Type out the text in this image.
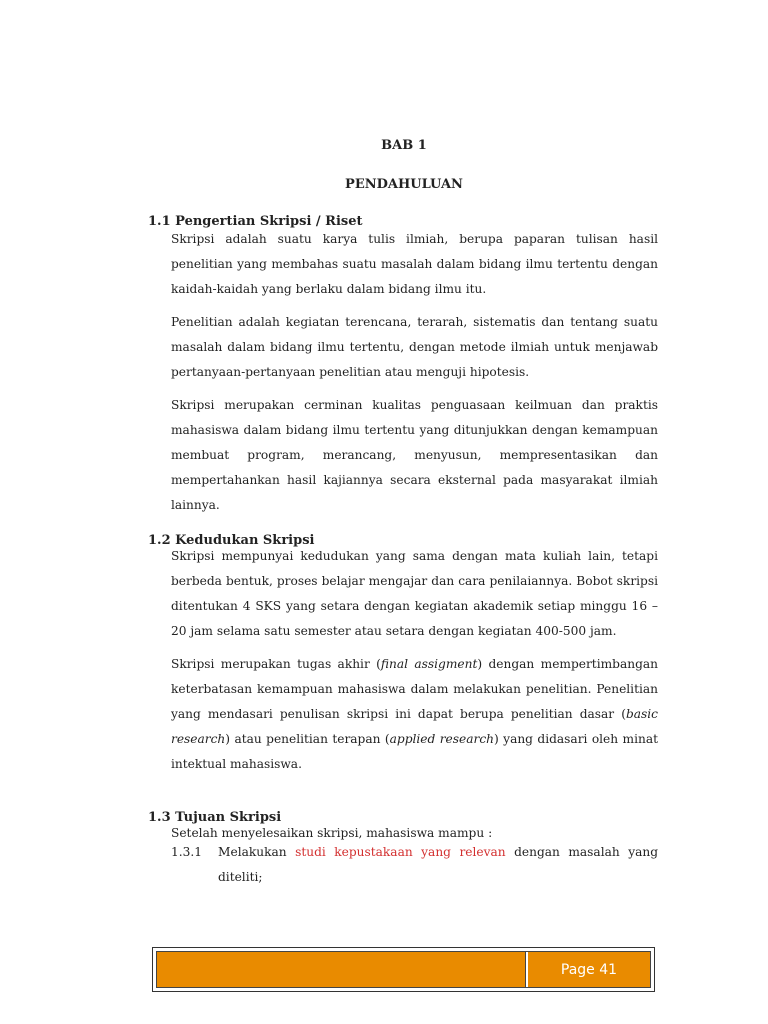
BAB 1
PENDAHULUAN
1.1 Pengertian Skripsi / Riset

Skripsi adalah suatu karya tulis ilmiah, berupa paparan tulisan hasil penelitian yang membahas suatu masalah dalam bidang ilmu tertentu dengan kaidah-kaidah yang berlaku dalam bidang ilmu itu.

Penelitian adalah kegiatan terencana, terarah, sistematis dan tentang suatu masalah dalam bidang ilmu tertentu, dengan metode ilmiah untuk menjawab pertanyaan-pertanyaan penelitian atau menguji hipotesis.

Skripsi merupakan cerminan kualitas penguasaan keilmuan dan praktis mahasiswa dalam bidang ilmu tertentu yang ditunjukkan dengan kemampuan membuat program, merancang, menyusun, mempresentasikan dan mempertahankan hasil kajiannya secara eksternal pada masyarakat ilmiah lainnya.

1.2 Kedudukan Skripsi

Skripsi mempunyai kedudukan yang sama dengan mata kuliah lain, tetapi berbeda bentuk, proses belajar mengajar dan cara penilaiannya. Bobot skripsi ditentukan 4 SKS yang setara dengan kegiatan akademik setiap minggu 16 – 20 jam selama satu semester atau setara dengan kegiatan 400-500 jam.

Skripsi merupakan tugas akhir (final assigment) dengan mempertimbangan keterbatasan kemampuan mahasiswa dalam melakukan penelitian. Penelitian yang mendasari penulisan skripsi ini dapat berupa penelitian dasar (basic research) atau penelitian terapan (applied research) yang didasari oleh minat intektual mahasiswa.

1.3 Tujuan Skripsi
Setelah menyelesaikan skripsi, mahasiswa mampu :
1.3.1 Melakukan studi kepustakaan yang relevan dengan masalah yang diteliti;
Page 41
